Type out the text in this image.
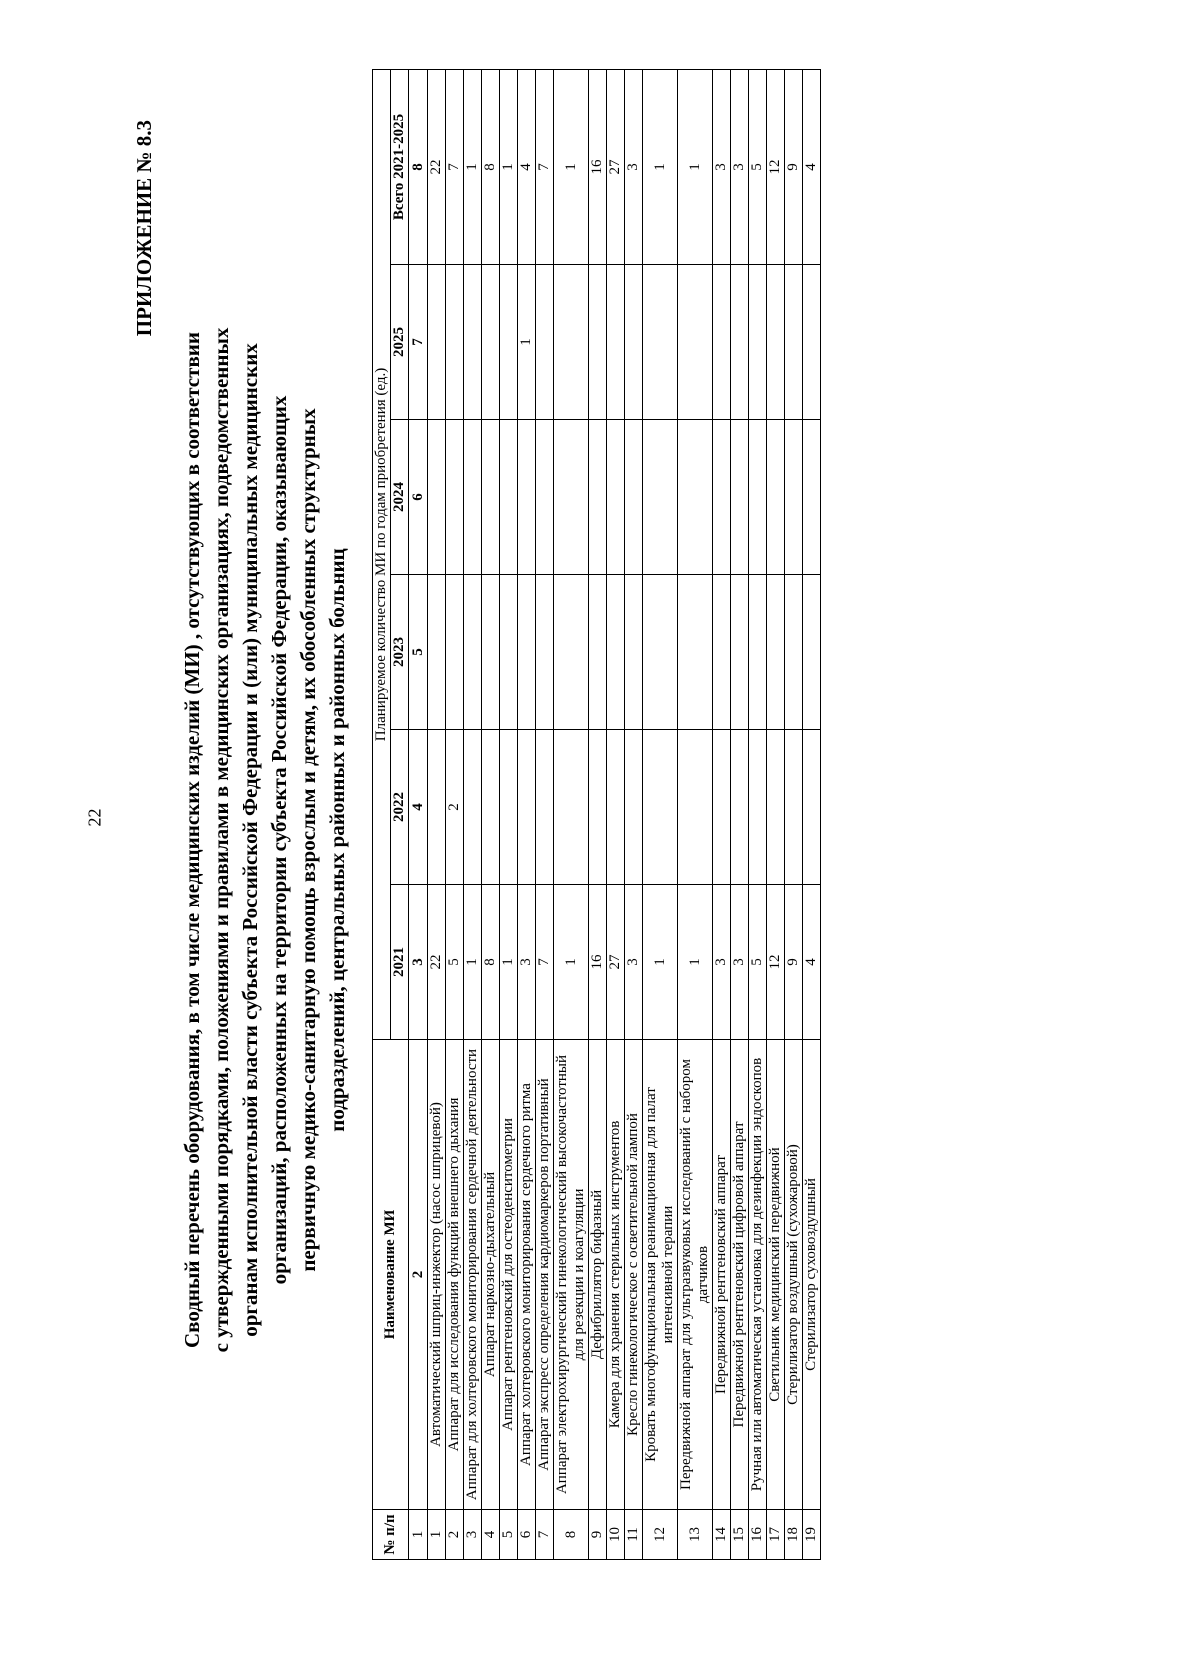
22
ПРИЛОЖЕНИЕ № 8.3
Сводный перечень оборудования, в том числе медицинских изделий (МИ) , отсутствующих в соответствии с утвержденными порядками, положениями и правилами в медицинских организациях, подведомственных органам исполнительной власти субъекта Российской Федерации и (или) муниципальных медицинских организаций, расположенных на территории субъекта Российской Федерации, оказывающих первичную медико-санитарную помощь взрослым и детям, их обособленных структурных подразделений, центральных районных и районных больниц
№ п/п	Наименование МИ	Планируемое количество МИ по годам приобретения (ед.)					
		2021	2022	2023	2024	2025	Всего 2021-2025
1	2	3	4	5	6	7	8
1	Автоматический шприц-инжектор (насос шприцевой)	22					22
2	Аппарат для исследования функций внешнего дыхания	5	2				7
3	Аппарат для холтеровского мониторирования сердечной деятельности	1					1
4	Аппарат наркозно-дыхательный	8					8
5	Аппарат рентгеновский для остеоденситометрии	1					1
6	Аппарат холтеровского мониторирования сердечного ритма	3				1	4
7	Аппарат экспресс определения кардиомаркеров портативный	7					7
8	Аппарат электрохирургический гинекологический высокочастотный для резекции и коагуляции	1					1
9	Дефибриллятор бифазный	16					16
10	Камера для хранения стерильных инструментов	27					27
11	Кресло гинекологическое с осветительной лампой	3					3
12	Кровать многофункциональная реанимационная для палат интенсивной терапии	1					1
13	Передвижной аппарат для ультразвуковых исследований с набором датчиков	1					1
14	Передвижной рентгеновский аппарат	3					3
15	Передвижной рентгеновский цифровой аппарат	3					3
16	Ручная или автоматическая установка для дезинфекции эндоскопов	5					5
17	Светильник медицинский передвижной	12					12
18	Стерилизатор воздушный (сухожаровой)	9					9
19	Стерилизатор суховоздушный	4					4
